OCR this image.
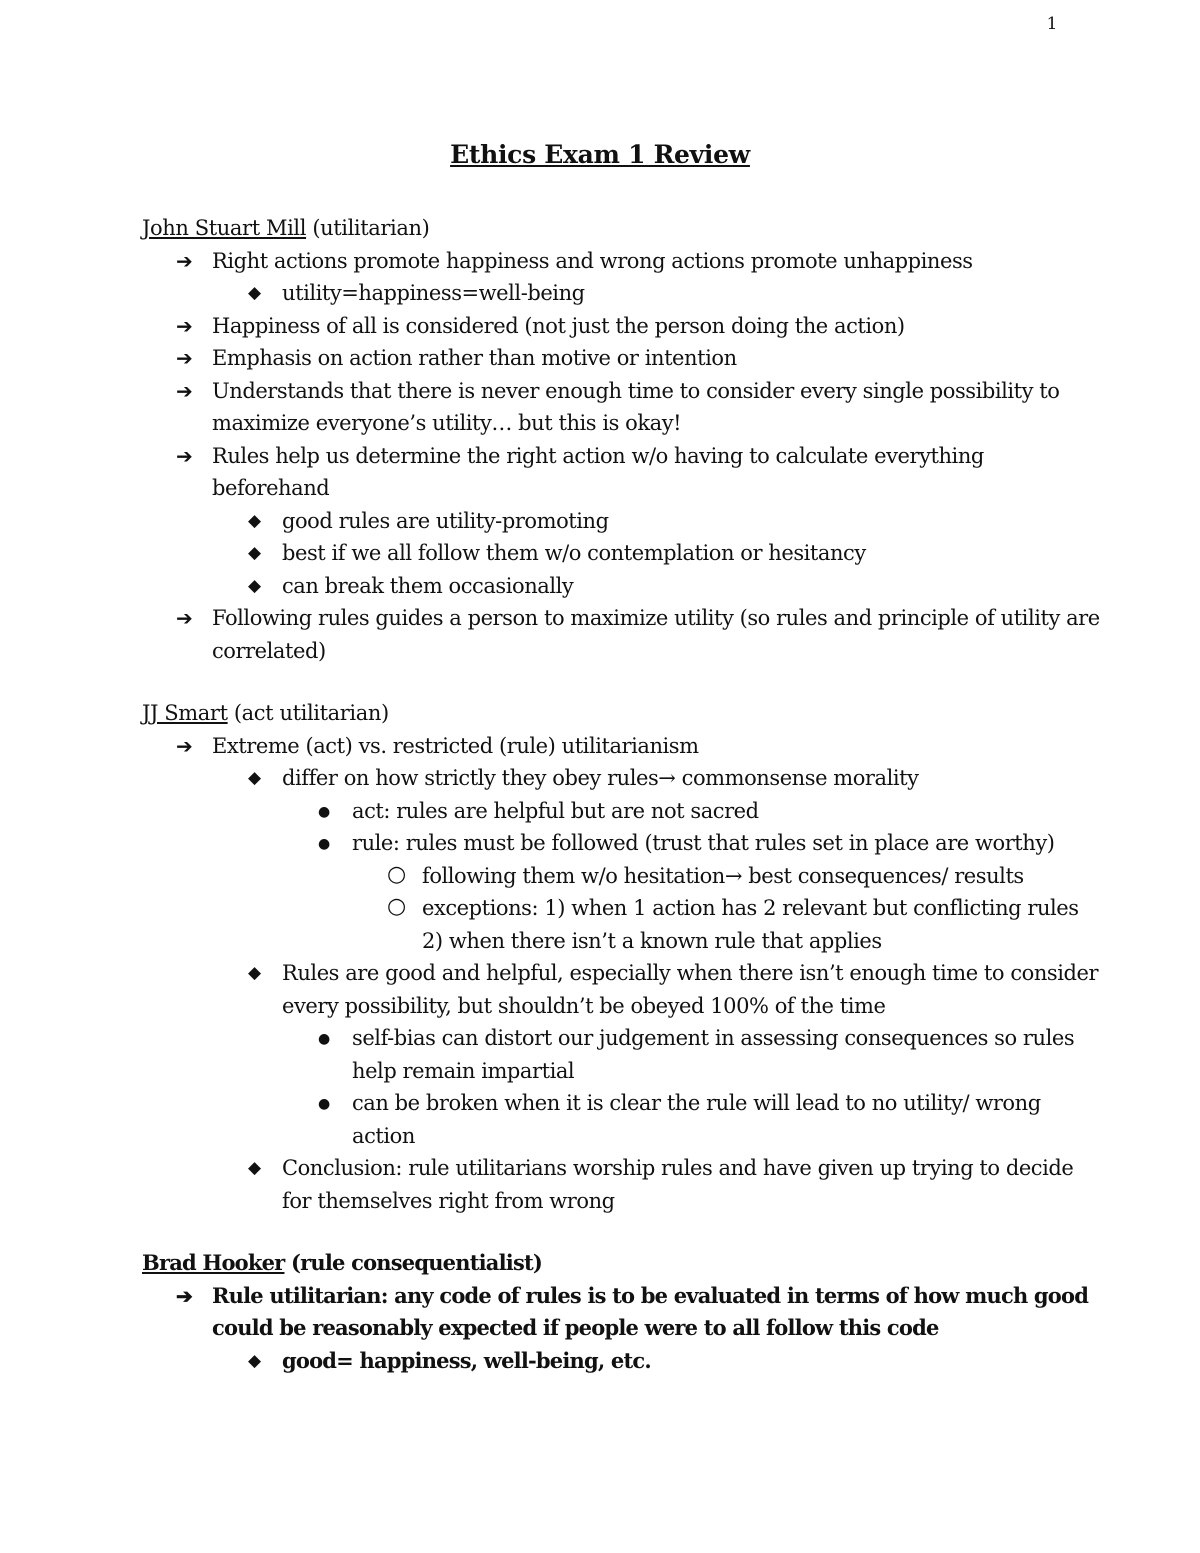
1
Ethics Exam 1 Review
John Stuart Mill (utilitarian)
➔ Right actions promote happiness and wrong actions promote unhappiness
◆ utility=happiness=well-being
➔ Happiness of all is considered (not just the person doing the action)
➔ Emphasis on action rather than motive or intention
➔ Understands that there is never enough time to consider every single possibility to maximize everyone’s utility… but this is okay!
➔ Rules help us determine the right action w/o having to calculate everything beforehand
◆ good rules are utility-promoting
◆ best if we all follow them w/o contemplation or hesitancy
◆ can break them occasionally
➔ Following rules guides a person to maximize utility (so rules and principle of utility are correlated)
JJ Smart (act utilitarian)
➔ Extreme (act) vs. restricted (rule) utilitarianism
◆ differ on how strictly they obey rules→ commonsense morality
● act: rules are helpful but are not sacred
● rule: rules must be followed (trust that rules set in place are worthy)
○ following them w/o hesitation→ best consequences/ results
○ exceptions: 1) when 1 action has 2 relevant but conflicting rules 2) when there isn’t a known rule that applies
◆ Rules are good and helpful, especially when there isn’t enough time to consider every possibility, but shouldn’t be obeyed 100% of the time
● self-bias can distort our judgement in assessing consequences so rules help remain impartial
● can be broken when it is clear the rule will lead to no utility/ wrong action
◆ Conclusion: rule utilitarians worship rules and have given up trying to decide for themselves right from wrong
Brad Hooker (rule consequentialist)
➔ Rule utilitarian: any code of rules is to be evaluated in terms of how much good could be reasonably expected if people were to all follow this code
◆ good= happiness, well-being, etc.
